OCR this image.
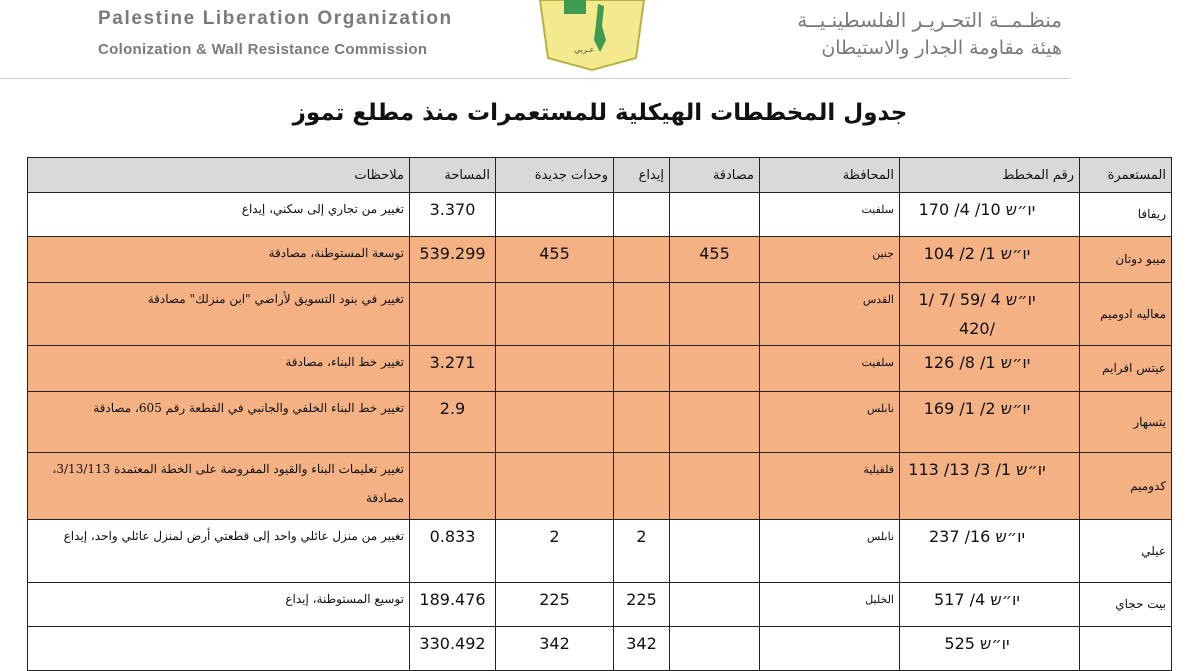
Palestine Liberation Organization
Colonization & Wall Resistance Commission	عـربي
منظـمــة التحـريـر الفلسطينـيــة
هيئة مقاومة الجدار والاستيطان
جدول المخططات الهيكلية للمستعمرات منذ مطلع تموز
المستعمرة	رقم المخطط	المحافظة	مصادقة	إيداع	وحدات جديدة	المساحة	ملاحظات
ريفافا	יו״ש 10/ 4/ 170	سلفيت				3.370	تغيير من تجاري إلى سكني، إيداع
ميبو دوتان	יו״ש 1/ 2/ 104	جنين	455		455	539.299	توسعة المستوطنة، مصادقة
معاليه ادوميم	יו״ש 4 /59 /7 /1 /420	القدس					تغيير في بنود التسويق لأراضي "ابن منزلك" مصادقة
عيتس افرايم	יו״ש 1/ 8/ 126	سلفيت				3.271	تغيير خط البناء، مصادقة
يتسهار	יו״ש 2/ 1/ 169	نابلس				2.9	تغيير خط البناء الخلفي والجانبي في القطعة رقم 605، مصادقة
كدوميم	יו״ש 1/ 3/ 13/ 113	قلقيلية					تغيير تعليمات البناء والقيود المفروضة على الخطة المعتمدة 3/13/113، مصادقة
عيلي	יו״ש 16/ 237	نابلس		2	2	0.833	تغيير من منزل عائلي واحد إلى قطعتي أرض لمنزل عائلي واحد، إيداع
بيت حجاي	יו״ש 4/ 517	الخليل		225	225	189.476	توسيع المستوطنة، إيداع
	יו״ש 525			342	342	330.492	
